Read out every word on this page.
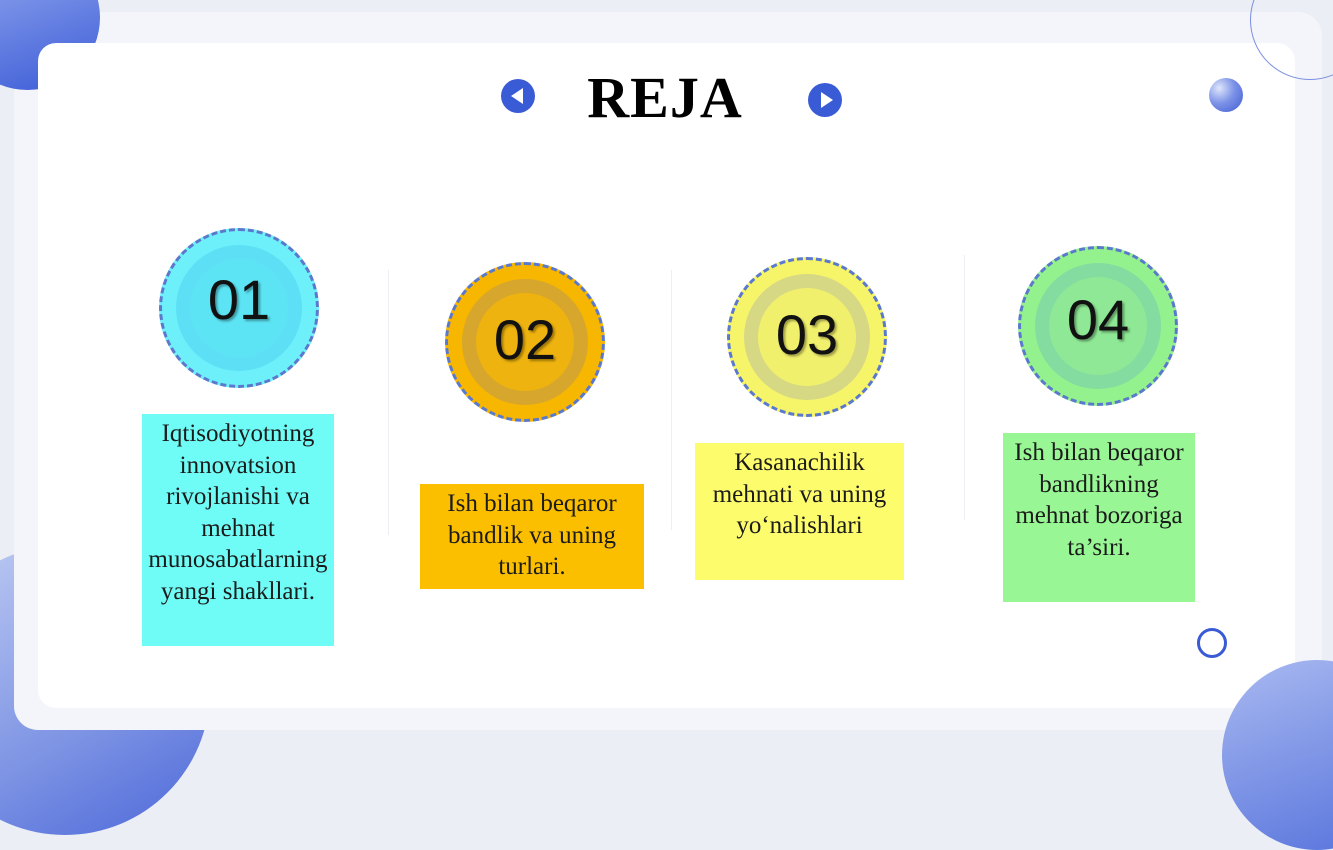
REJA
01
Iqtisodiyotning innovatsion rivojlanishi va mehnat munosabatlarning yangi shakllari.
02
Ish bilan beqaror bandlik va uning turlari.
03
Kasanachilik mehnati va uning yo‘nalishlari
04
Ish bilan beqaror bandlikning mehnat bozoriga ta’siri.
